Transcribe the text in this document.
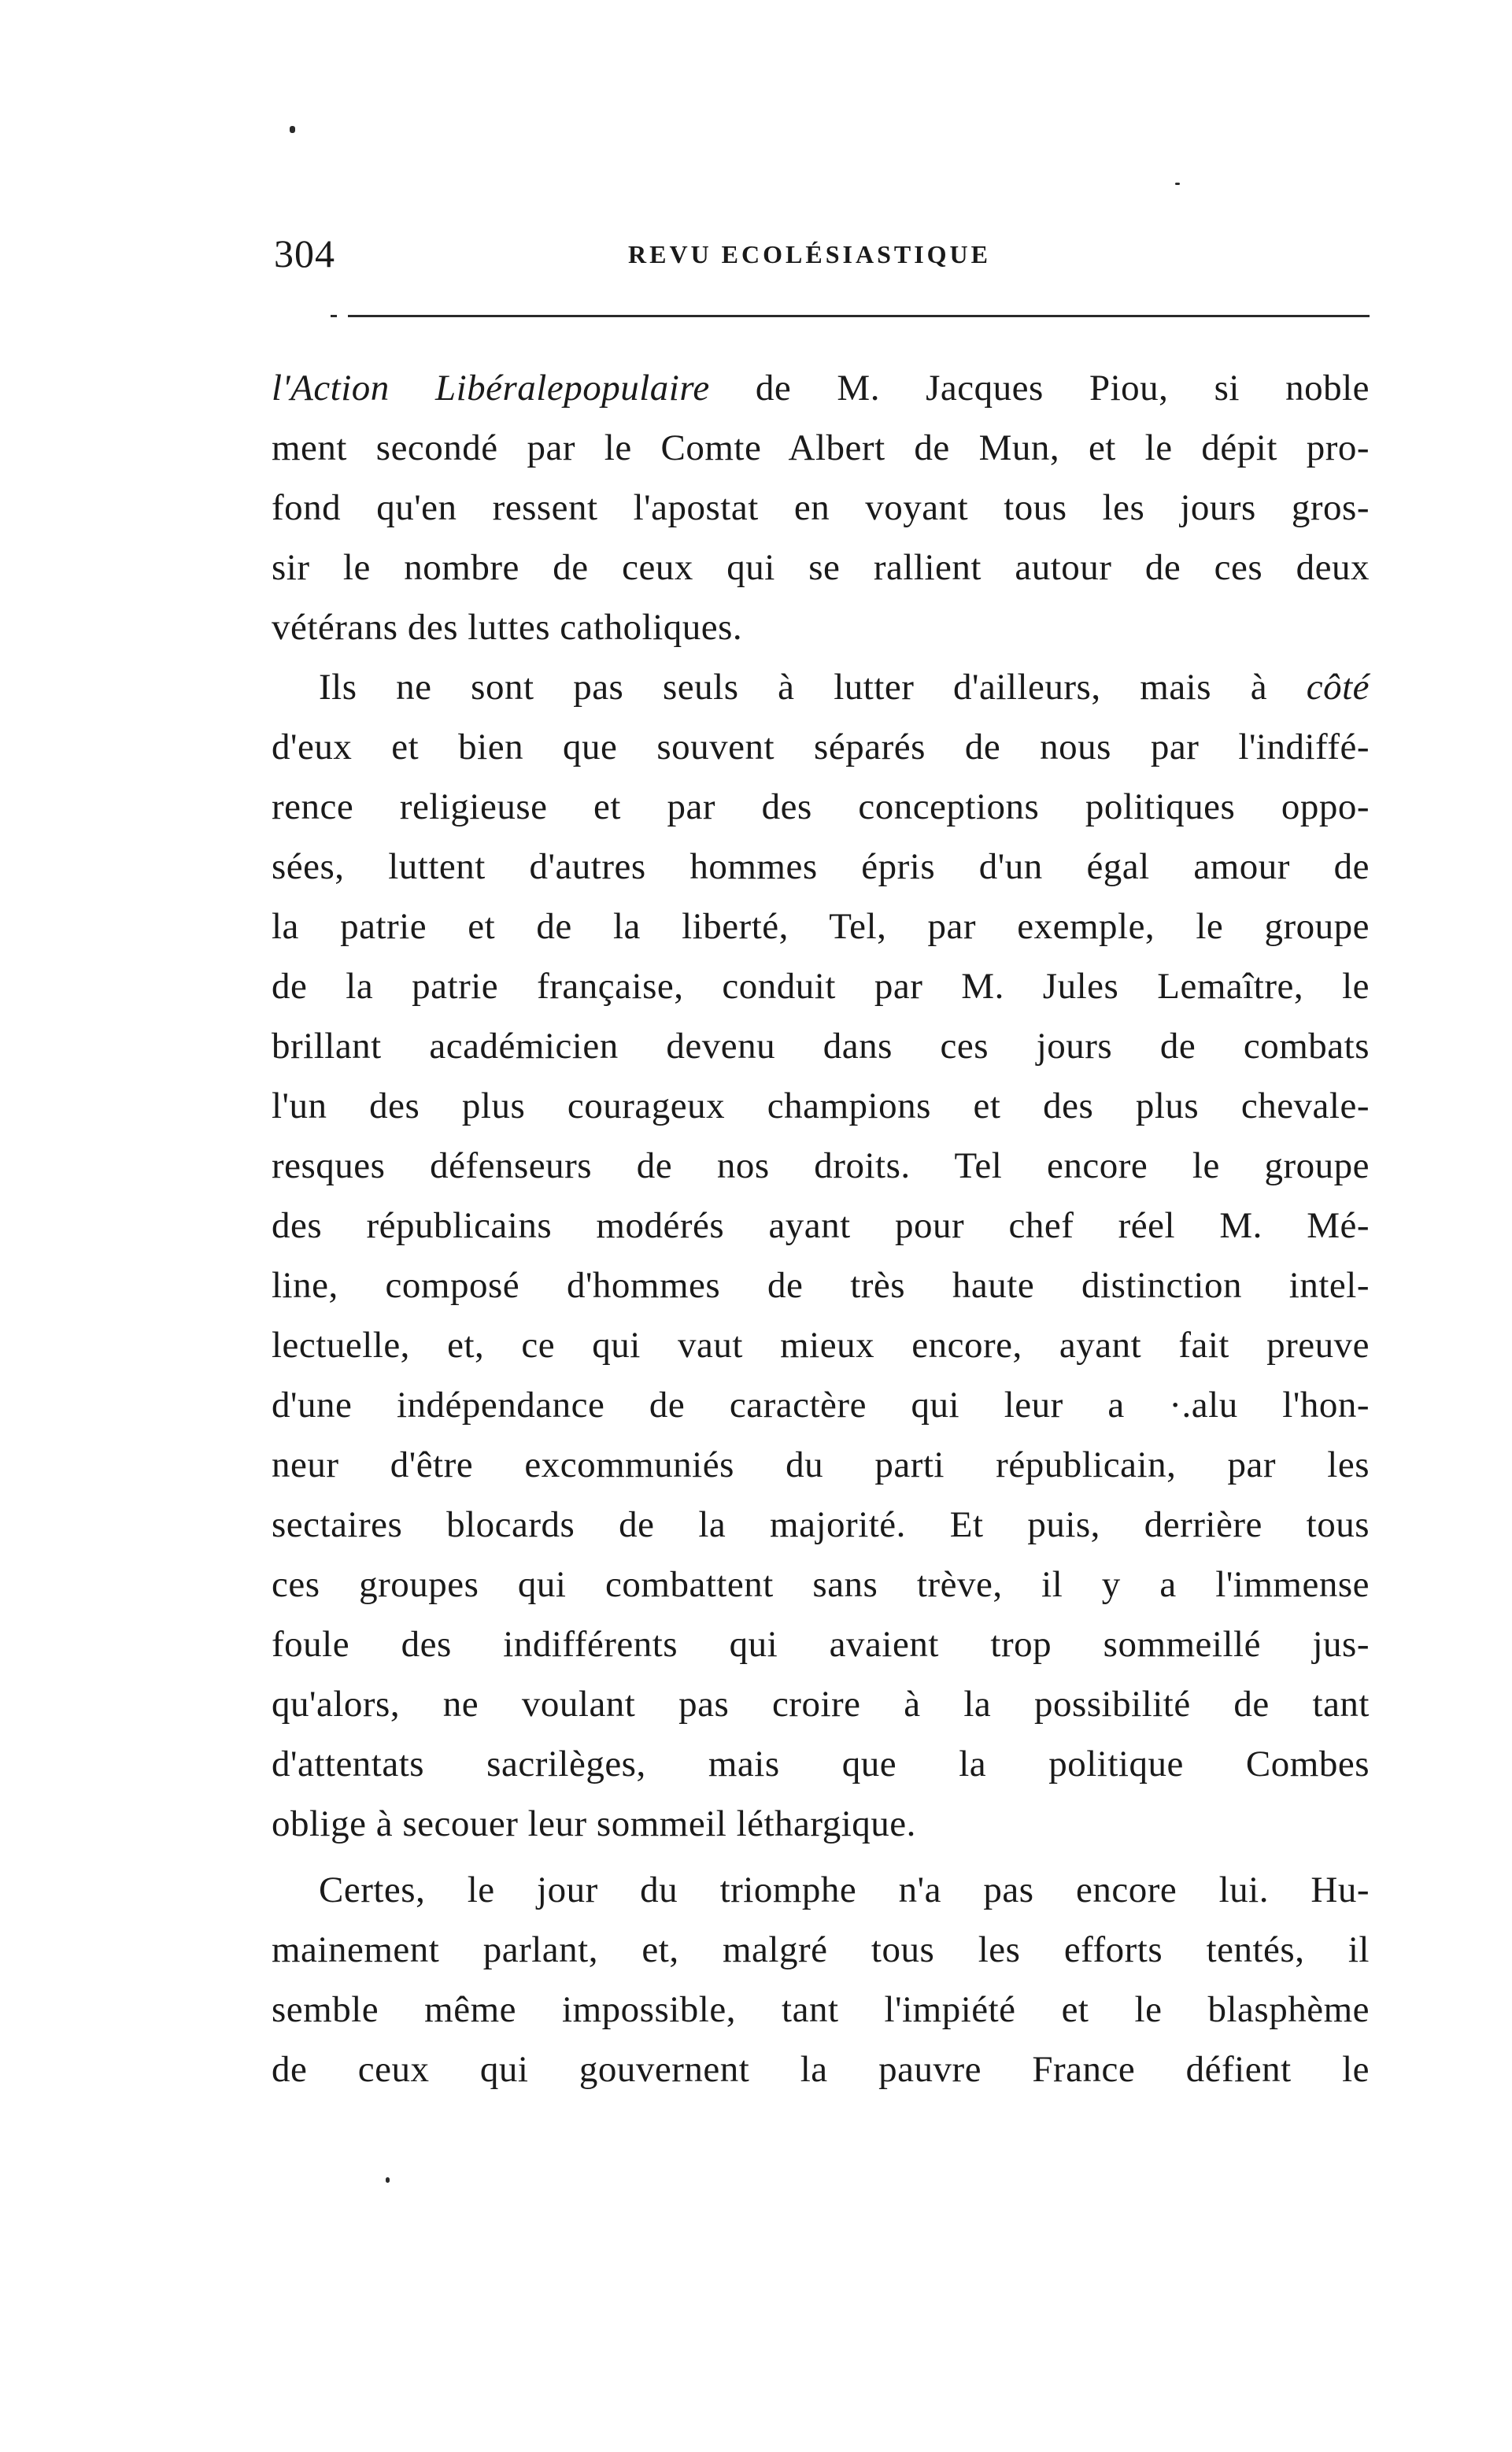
304	REVU ECOLÉSIASTIQUE
l'Action Libéralepopulaire de M. Jacques Piou, si noble
ment secondé par le Comte Albert de Mun, et le dépit pro-
fond qu'en ressent l'apostat en voyant tous les jours gros-
sir le nombre de ceux qui se rallient autour de ces deux
vétérans des luttes catholiques.
Ils ne sont pas seuls à lutter d'ailleurs, mais à côté
d'eux et bien que souvent séparés de nous par l'indiffé-
rence religieuse et par des conceptions politiques oppo-
sées, luttent d'autres hommes épris d'un égal amour de
la patrie et de la liberté, Tel, par exemple, le groupe
de la patrie française, conduit par M. Jules Lemaître, le
brillant académicien devenu dans ces jours de combats
l'un des plus courageux champions et des plus chevale-
resques défenseurs de nos droits. Tel encore le groupe
des républicains modérés ayant pour chef réel M. Mé-
line, composé d'hommes de très haute distinction intel-
lectuelle, et, ce qui vaut mieux encore, ayant fait preuve
d'une indépendance de caractère qui leur a ·.alu l'hon-
neur d'être excommuniés du parti républicain, par les
sectaires blocards de la majorité. Et puis, derrière tous
ces groupes qui combattent sans trève, il y a l'immense
foule des indifférents qui avaient trop sommeillé jus-
qu'alors, ne voulant pas croire à la possibilité de tant
d'attentats sacrilèges, mais que la politique Combes
oblige à secouer leur sommeil léthargique.
Certes, le jour du triomphe n'a pas encore lui. Hu-
mainement parlant, et, malgré tous les efforts tentés, il
semble même impossible, tant l'impiété et le blasphème
de ceux qui gouvernent la pauvre France défient le
